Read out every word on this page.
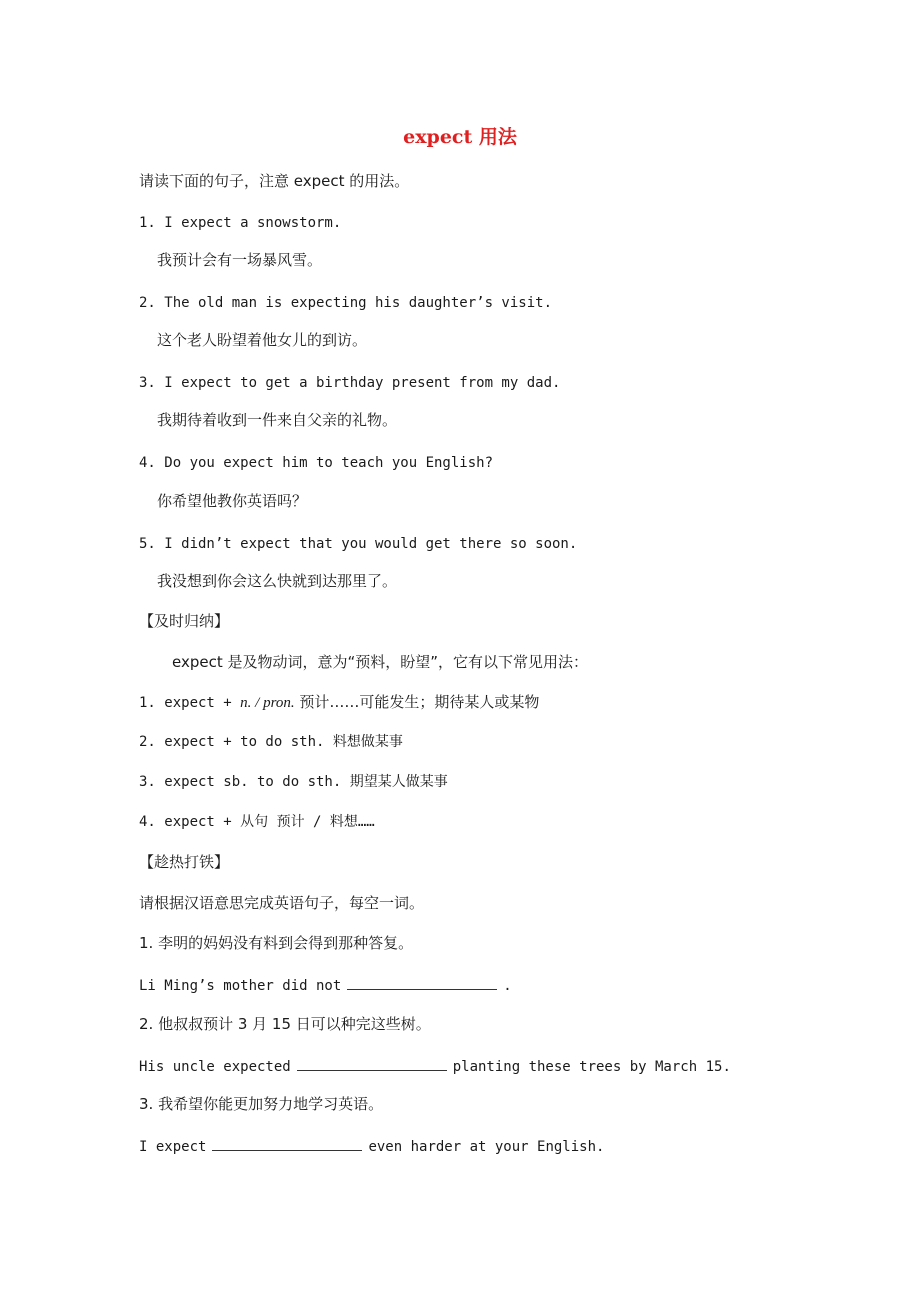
expect 用法
请读下面的句子，注意 expect 的用法。
1. I expect a snowstorm.
我预计会有一场暴风雪。
2. The old man is expecting his daughter’s visit.
这个老人盼望着他女儿的到访。
3. I expect to get a birthday present from my dad.
我期待着收到一件来自父亲的礼物。
4. Do you expect him to teach you English?
你希望他教你英语吗？
5. I didn’t expect that you would get there so soon.
我没想到你会这么快就到达那里了。
【及时归纳】
expect 是及物动词，意为“预料，盼望”，它有以下常见用法：
1. expect + n. / pron. 预计……可能发生；期待某人或某物
2. expect + to do sth. 料想做某事
3. expect sb. to do sth. 期望某人做某事
4. expect + 从句 预计 / 料想……
【趁热打铁】
请根据汉语意思完成英语句子，每空一词。
1. 李明的妈妈没有料到会得到那种答复。
Li Ming’s mother did not	.
2. 他叔叔预计 3 月 15 日可以种完这些树。
His uncle expected	planting these trees by March 15.
3. 我希望你能更加努力地学习英语。
I expect	even harder at your English.
